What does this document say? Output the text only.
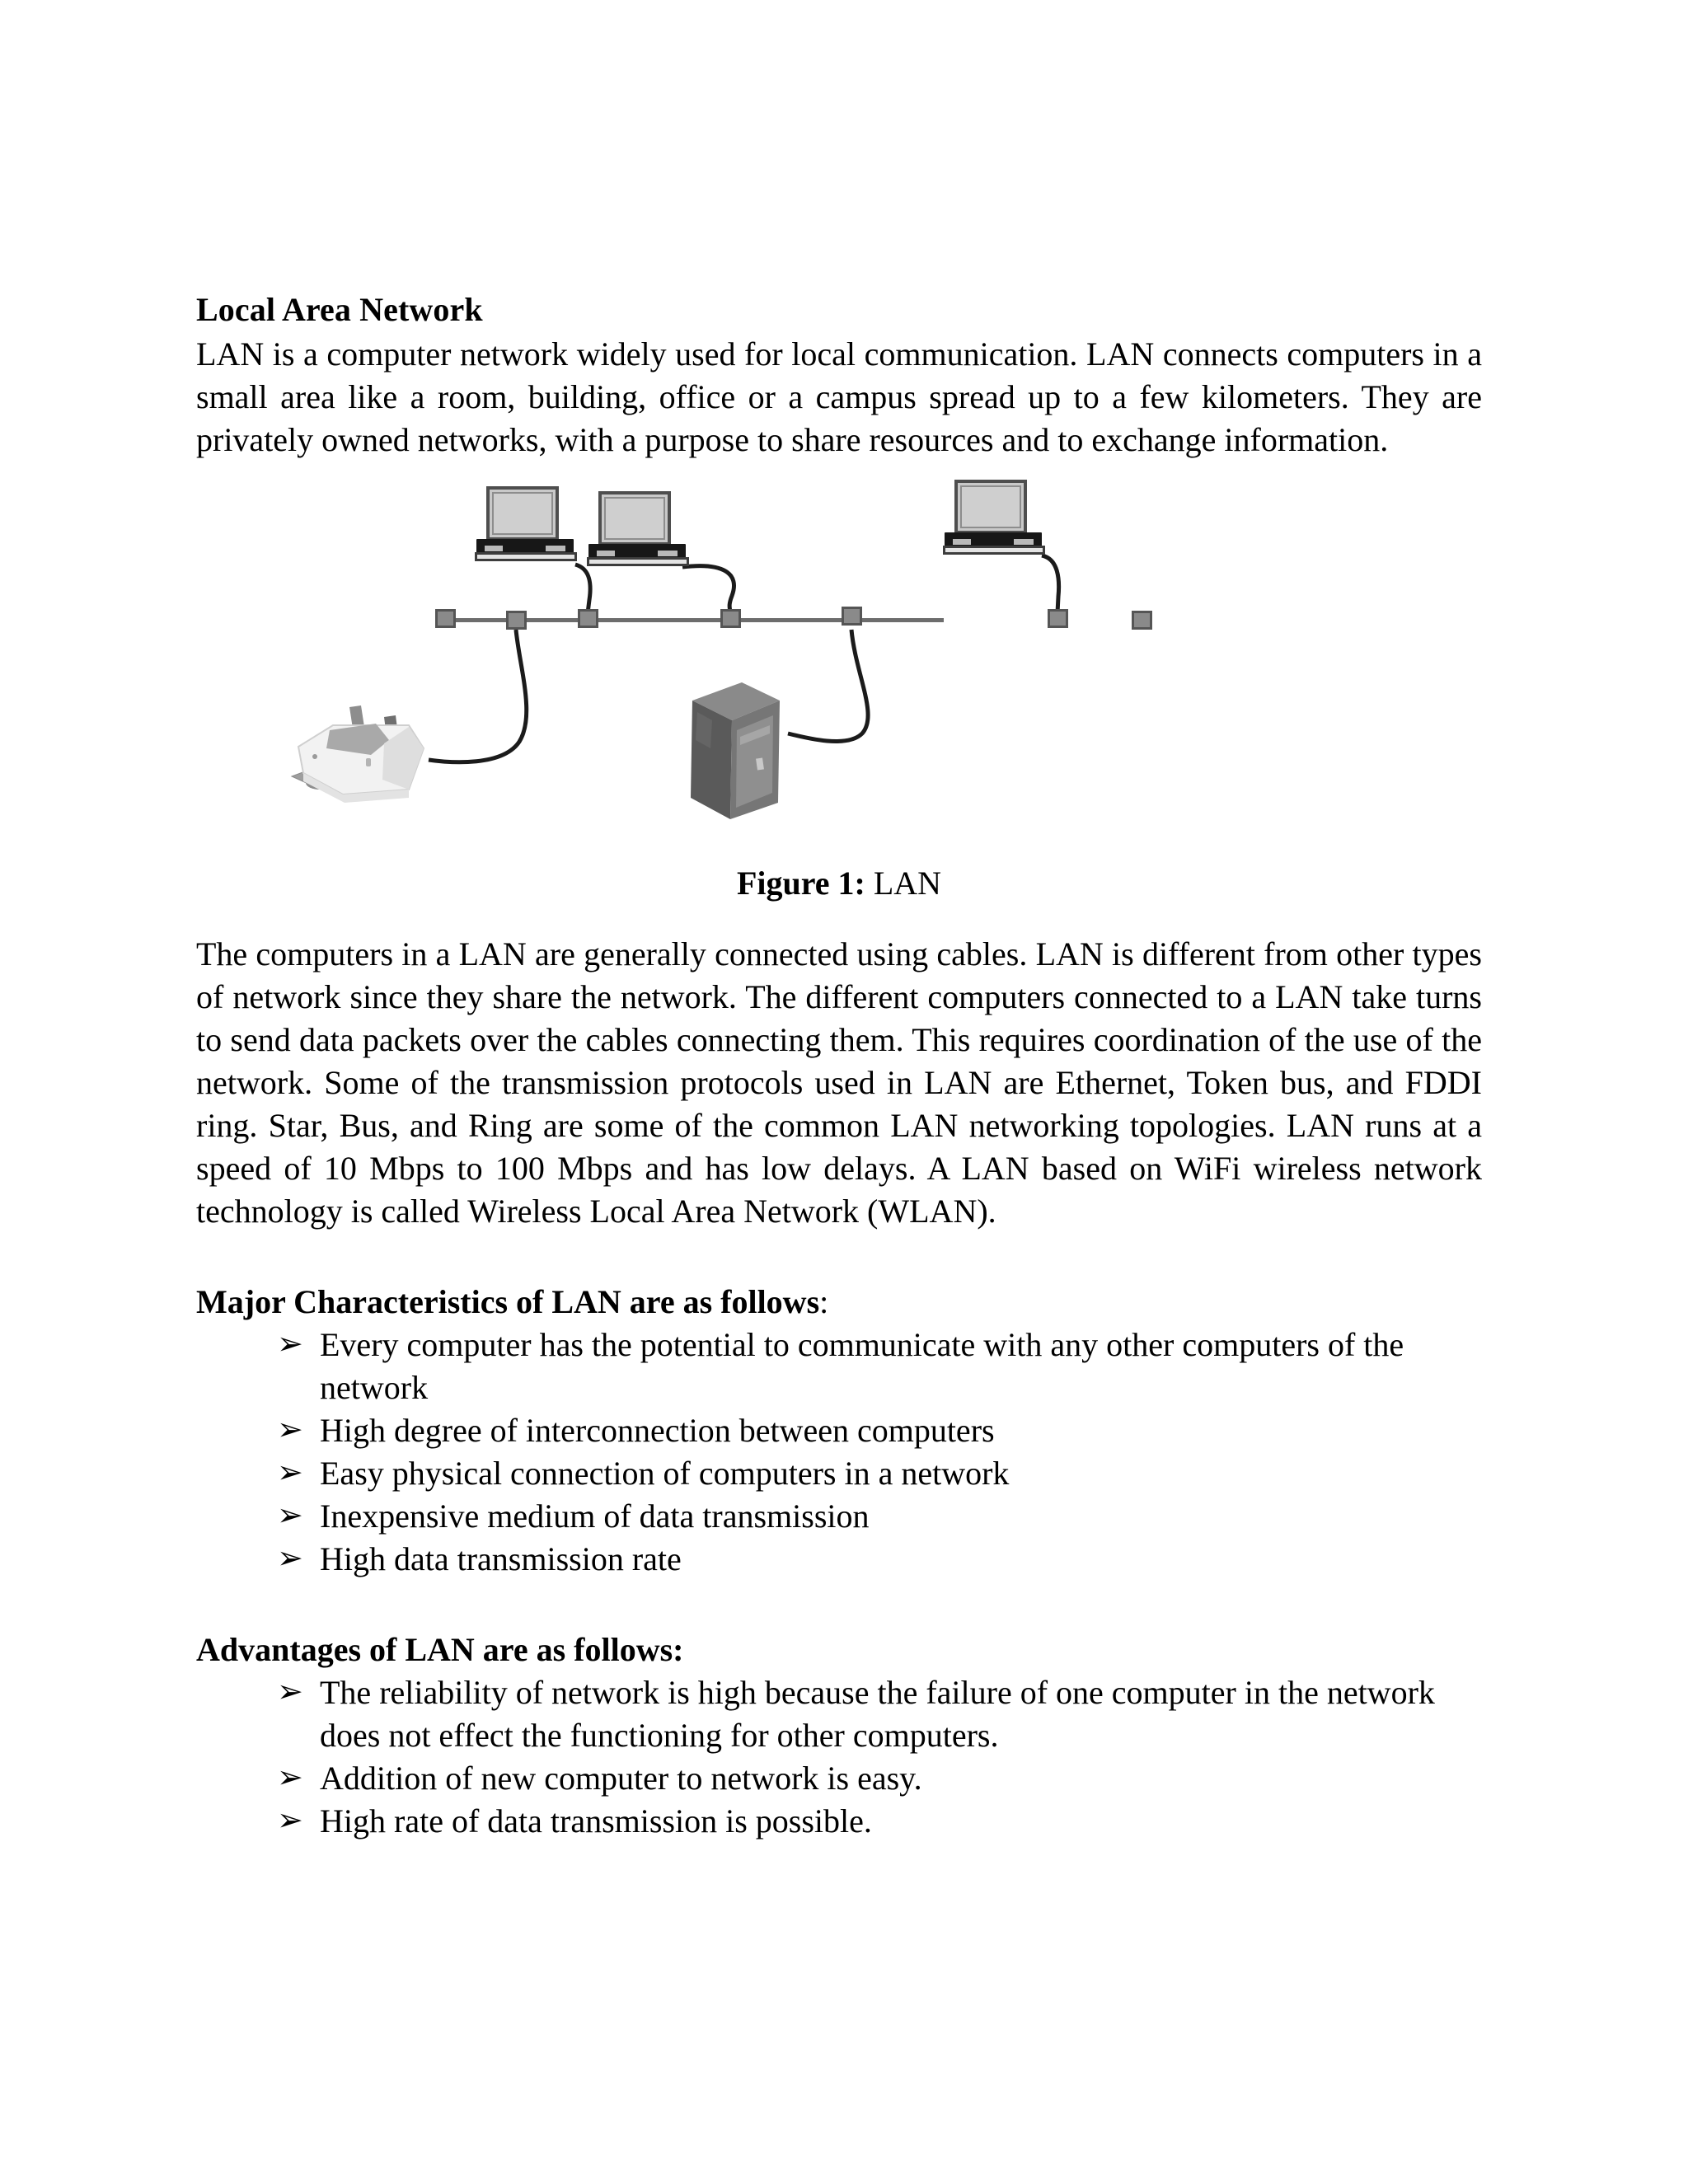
Local Area Network

LAN is a computer network widely used for local communication. LAN connects computers in a small area like a room, building, office or a campus spread up to a few kilometers. They are privately owned networks, with a purpose to share resources and to exchange information.

Figure 1: LAN

The computers in a LAN are generally connected using cables. LAN is different from other types of network since they share the network. The different computers connected to a LAN take turns to send data packets over the cables connecting them. This requires coordination of the use of the network. Some of the transmission protocols used in LAN are Ethernet, Token bus, and FDDI ring. Star, Bus, and Ring are some of the common LAN networking topologies. LAN runs at a speed of 10 Mbps to 100 Mbps and has low delays. A LAN based on WiFi wireless network technology is called Wireless Local Area Network (WLAN).

Major Characteristics of LAN are as follows:

➢ Every computer has the potential to communicate with any other computers of the network
➢ High degree of interconnection between computers
➢ Easy physical connection of computers in a network
➢ Inexpensive medium of data transmission
➢ High data transmission rate

Advantages of LAN are as follows:

➢ The reliability of network is high because the failure of one computer in the network does not effect the functioning for other computers.
➢ Addition of new computer to network is easy.
➢ High rate of data transmission is possible.
